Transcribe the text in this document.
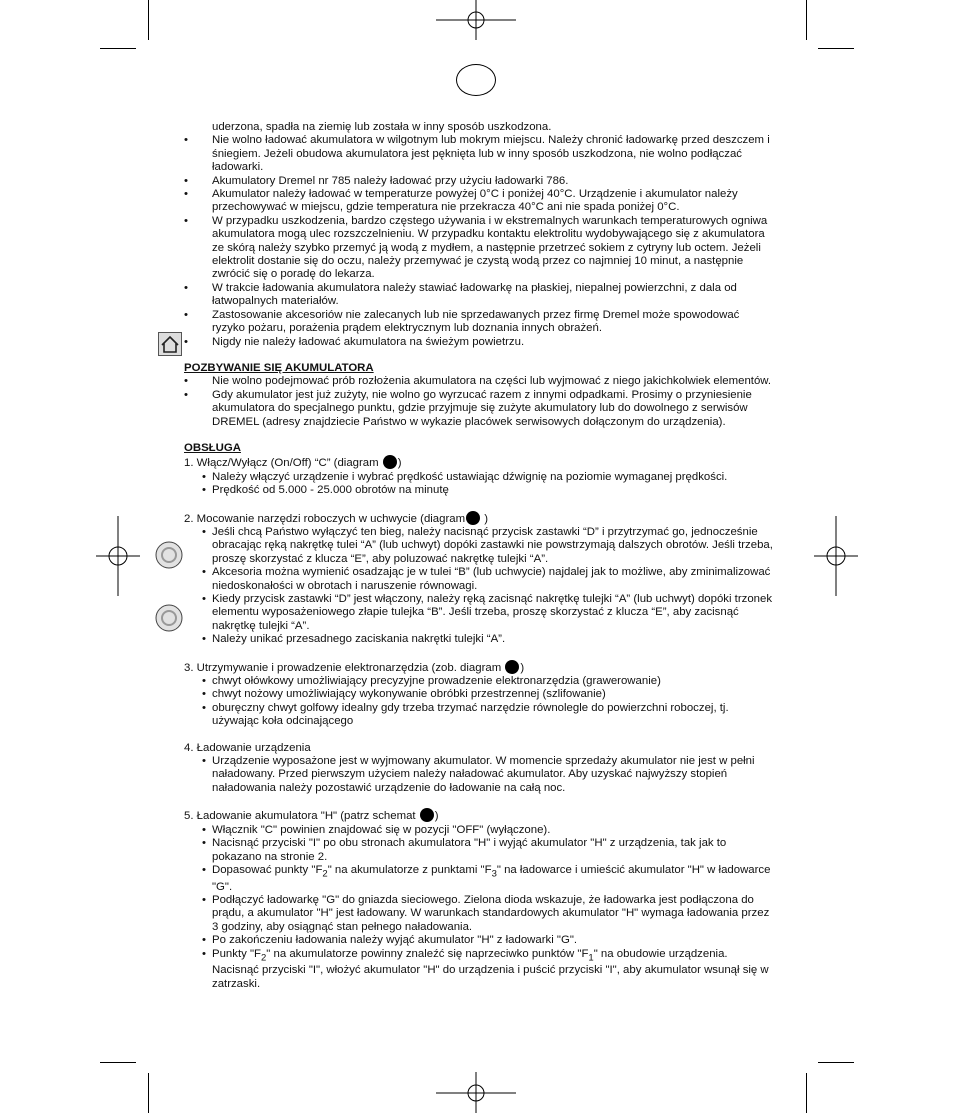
uderzona, spadła na ziemię lub została w inny sposób uszkodzona.
•	Nie wolno ładować akumulatora w wilgotnym lub mokrym miejscu. Należy chronić ładowarkę przed deszczem i śniegiem. Jeżeli obudowa akumulatora jest pęknięta lub w inny sposób uszkodzona, nie wolno podłączać ładowarki.
•	Akumulatory Dremel nr 785 należy ładować przy użyciu ładowarki 786.
•	Akumulator należy ładować w temperaturze powyżej 0°C i poniżej 40°C. Urządzenie i akumulator należy przechowywać w miejscu, gdzie temperatura nie przekracza 40°C ani nie spada poniżej 0°C.
•	W przypadku uszkodzenia, bardzo częstego używania i w ekstremalnych warunkach temperaturowych ogniwa akumulatora mogą ulec rozszczelnieniu. W przypadku kontaktu elektrolitu wydobywającego się z akumulatora ze skórą należy szybko przemyć ją wodą z mydłem, a następnie przetrzeć sokiem z cytryny lub octem. Jeżeli elektrolit dostanie się do oczu, należy przemywać je czystą wodą przez co najmniej 10 minut, a następnie zwrócić się o poradę do lekarza.
•	W trakcie ładowania akumulatora należy stawiać ładowarkę na płaskiej, niepalnej powierzchni, z dala od łatwopalnych materiałów.
•	Zastosowanie akcesoriów nie zalecanych lub nie sprzedawanych przez firmę Dremel może spowodować ryzyko pożaru, porażenia prądem elektrycznym lub doznania innych obrażeń.
•	Nigdy nie należy ładować akumulatora na świeżym powietrzu.
POZBYWANIE SIĘ AKUMULATORA
•	Nie wolno podejmować prób rozłożenia akumulatora na części lub wyjmować z niego jakichkolwiek elementów.
•	Gdy akumulator jest już zużyty, nie wolno go wyrzucać razem z innymi odpadkami. Prosimy o przyniesienie akumulatora do specjalnego punktu, gdzie przyjmuje się zużyte akumulatory lub do dowolnego z serwisów DREMEL (adresy znajdziecie Państwo w wykazie placówek serwisowych dołączonym do urządzenia).
OBSŁUGA
1. Włącz/Wyłącz (On/Off) “C” (diagram )
• Należy włączyć urządzenie i wybrać prędkość ustawiając dźwignię na poziomie wymaganej prędkości.
• Prędkość od 5.000 - 25.000 obrotów na minutę
2. Mocowanie narzędzi roboczych w uchwycie (diagram )
• Jeśli chcą Państwo wyłączyć ten bieg, należy nacisnąć przycisk zastawki “D” i przytrzymać go, jednocześnie obracając ręką nakrętkę tulei “A” (lub uchwyt) dopóki zastawki nie powstrzymają dalszych obrotów. Jeśli trzeba, proszę skorzystać z klucza “E”, aby poluzować nakrętkę tulejki “A”.
• Akcesoria można wymienić osadzając je w tulei “B” (lub uchwycie) najdalej jak to możliwe, aby zminimalizować niedoskonałości w obrotach i naruszenie równowagi.
• Kiedy przycisk zastawki “D” jest włączony, należy ręką zacisnąć nakrętkę tulejki “A” (lub uchwyt) dopóki trzonek elementu wyposażeniowego złapie tulejka “B”. Jeśli trzeba, proszę skorzystać z klucza “E”, aby zacisnąć nakrętkę tulejki “A”.
• Należy unikać przesadnego zaciskania nakrętki tulejki “A”.
3. Utrzymywanie i prowadzenie elektronarzędzia (zob. diagram )
• chwyt ołówkowy umożliwiający precyzyjne prowadzenie elektronarzędzia (grawerowanie)
• chwyt nożowy umożliwiający wykonywanie obróbki przestrzennej (szlifowanie)
• oburęczny chwyt golfowy idealny gdy trzeba trzymać narzędzie równolegle do powierzchni roboczej, tj. używając koła odcinającego
4. Ładowanie urządzenia
• Urządzenie wyposażone jest w wyjmowany akumulator. W momencie sprzedaży akumulator nie jest w pełni naładowany. Przed pierwszym użyciem należy naładować akumulator. Aby uzyskać najwyższy stopień naładowania należy pozostawić urządzenie do ładowanie na całą noc.
5. Ładowanie akumulatora "H" (patrz schemat )
• Włącznik "C" powinien znajdować się w pozycji "OFF" (wyłączone).
• Nacisnąć przyciski "I" po obu stronach akumulatora "H" i wyjąć akumulator "H" z urządzenia, tak jak to pokazano na stronie 2.
• Dopasować punkty "$F_2$" na akumulatorze z punktami "$F_3$" na ładowarce i umieścić akumulator "H" w ładowarce "G".
• Podłączyć ładowarkę "G" do gniazda sieciowego. Zielona dioda wskazuje, że ładowarka jest podłączona do prądu, a akumulator "H" jest ładowany. W warunkach standardowych akumulator "H" wymaga ładowania przez 3 godziny, aby osiągnąć stan pełnego naładowania.
• Po zakończeniu ładowania należy wyjąć akumulator "H" z ładowarki "G".
• Punkty "$F_2$" na akumulatorze powinny znaleźć się naprzeciwko punktów "$F_1$" na obudowie urządzenia. Nacisnąć przyciski "I", włożyć akumulator "H" do urządzenia i puścić przyciski "I", aby akumulator wsunął się w zatrzaski.
